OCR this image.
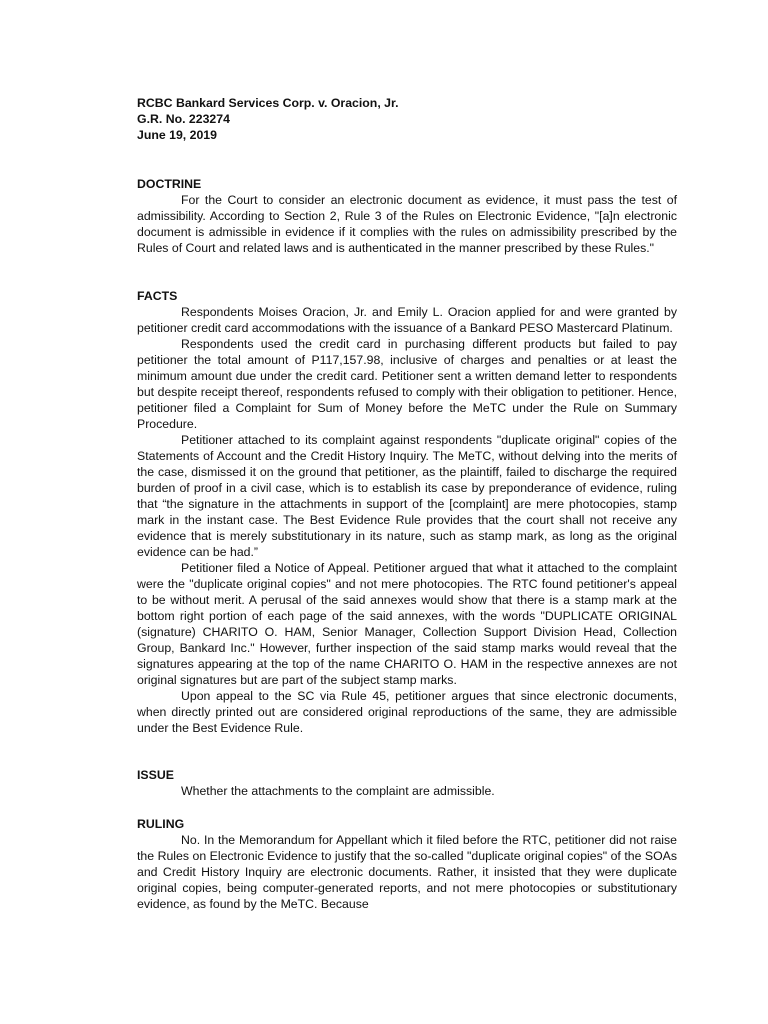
RCBC Bankard Services Corp. v. Oracion, Jr.

G.R. No. 223274

June 19, 2019

DOCTRINE

For the Court to consider an electronic document as evidence, it must pass the test of admissibility. According to Section 2, Rule 3 of the Rules on Electronic Evidence, "[a]n electronic document is admissible in evidence if it complies with the rules on admissibility prescribed by the Rules of Court and related laws and is authenticated in the manner prescribed by these Rules."

FACTS

Respondents Moises Oracion, Jr. and Emily L. Oracion applied for and were granted by petitioner credit card accommodations with the issuance of a Bankard PESO Mastercard Platinum.

Respondents used the credit card in purchasing different products but failed to pay petitioner the total amount of P117,157.98, inclusive of charges and penalties or at least the minimum amount due under the credit card. Petitioner sent a written demand letter to respondents but despite receipt thereof, respondents refused to comply with their obligation to petitioner. Hence, petitioner filed a Complaint for Sum of Money before the MeTC under the Rule on Summary Procedure.

Petitioner attached to its complaint against respondents "duplicate original" copies of the Statements of Account and the Credit History Inquiry. The MeTC, without delving into the merits of the case, dismissed it on the ground that petitioner, as the plaintiff, failed to discharge the required burden of proof in a civil case, which is to establish its case by preponderance of evidence, ruling that “the signature in the attachments in support of the [complaint] are mere photocopies, stamp mark in the instant case. The Best Evidence Rule provides that the court shall not receive any evidence that is merely substitutionary in its nature, such as stamp mark, as long as the original evidence can be had.”

Petitioner filed a Notice of Appeal. Petitioner argued that what it attached to the complaint were the "duplicate original copies" and not mere photocopies. The RTC found petitioner's appeal to be without merit. A perusal of the said annexes would show that there is a stamp mark at the bottom right portion of each page of the said annexes, with the words "DUPLICATE ORIGINAL (signature) CHARITO O. HAM, Senior Manager, Collection Support Division Head, Collection Group, Bankard Inc." However, further inspection of the said stamp marks would reveal that the signatures appearing at the top of the name CHARITO O. HAM in the respective annexes are not original signatures but are part of the subject stamp marks.

Upon appeal to the SC via Rule 45, petitioner argues that since electronic documents, when directly printed out are considered original reproductions of the same, they are admissible under the Best Evidence Rule.

ISSUE

Whether the attachments to the complaint are admissible.

RULING

No. In the Memorandum for Appellant which it filed before the RTC, petitioner did not raise the Rules on Electronic Evidence to justify that the so-called "duplicate original copies" of the SOAs and Credit History Inquiry are electronic documents. Rather, it insisted that they were duplicate original copies, being computer-generated reports, and not mere photocopies or substitutionary evidence, as found by the MeTC. Because
